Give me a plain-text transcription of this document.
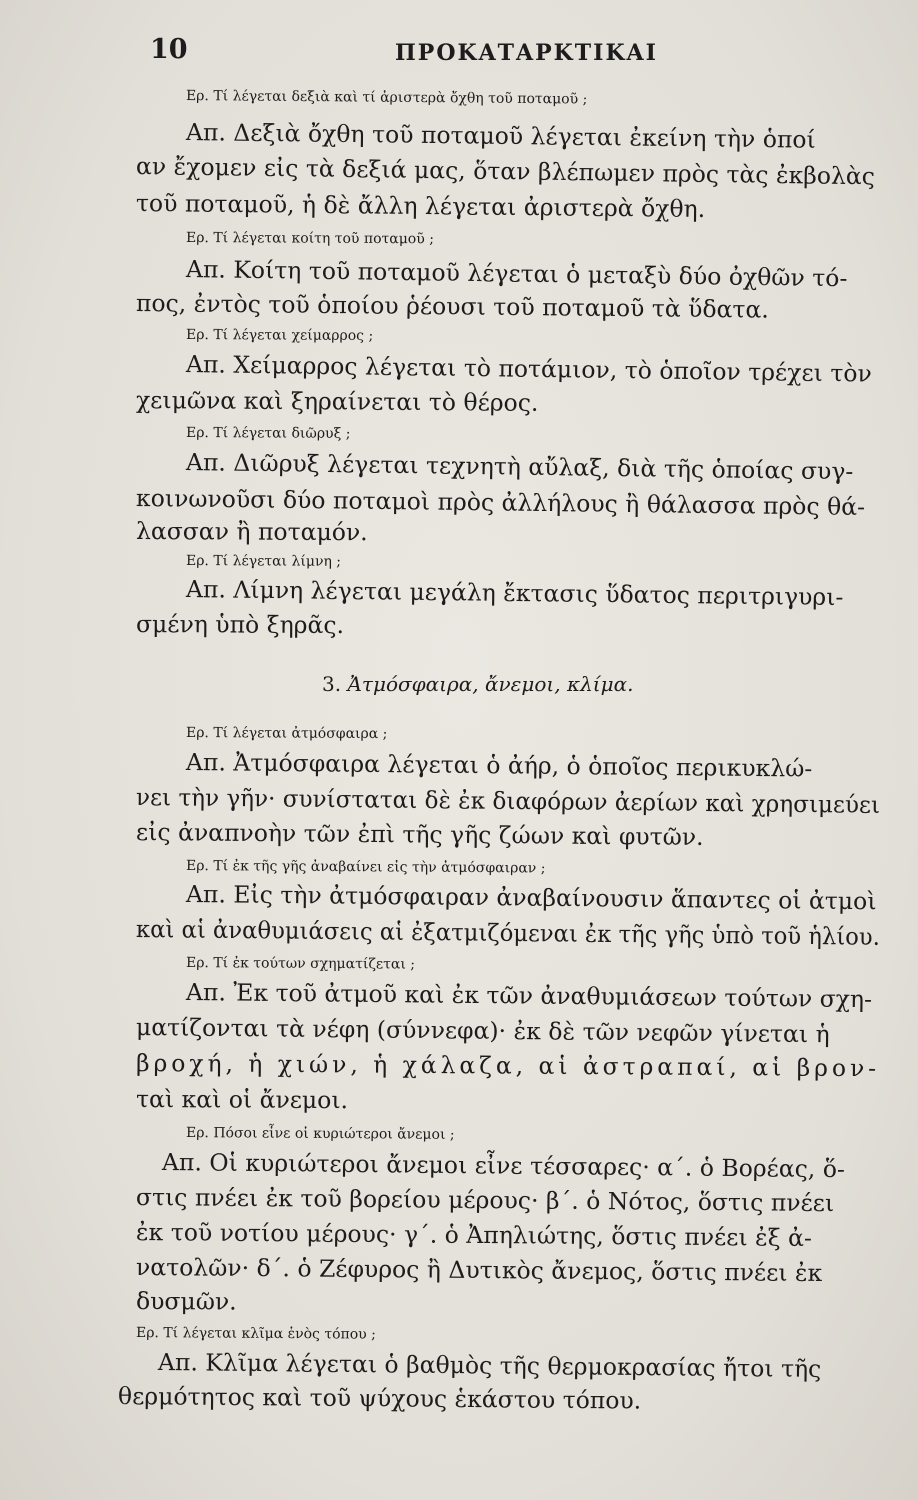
10	ΠΡΟΚΑΤΑΡΚΤΙΚΑΙ
Ερ. Τί λέγεται δεξιὰ καὶ τί ἀριστερὰ ὄχθη τοῦ ποταμοῦ ;
Απ. Δεξιὰ ὄχθη τοῦ ποταμοῦ λέγεται ἐκείνη τὴν ὁποί
αν ἔχομεν εἰς τὰ δεξιά μας, ὅταν βλέπωμεν πρὸς τὰς ἐκβολὰς
τοῦ ποταμοῦ, ἡ δὲ ἄλλη λέγεται ἀριστερὰ ὄχθη.
Ερ. Τί λέγεται κοίτη τοῦ ποταμοῦ ;
Απ. Κοίτη τοῦ ποταμοῦ λέγεται ὁ μεταξὺ δύο ὀχθῶν τό-
πος, ἐντὸς τοῦ ὁποίου ῥέουσι τοῦ ποταμοῦ τὰ ὕδατα.
Ερ. Τί λέγεται χείμαρρος ;
Απ. Χείμαρρος λέγεται τὸ ποτάμιον, τὸ ὁποῖον τρέχει τὸν
χειμῶνα καὶ ξηραίνεται τὸ θέρος.
Ερ. Τί λέγεται διῶρυξ ;
Απ. Διῶρυξ λέγεται τεχνητὴ αὔλαξ, διὰ τῆς ὁποίας συγ-
κοινωνοῦσι δύο ποταμοὶ πρὸς ἀλλήλους ἢ θάλασσα πρὸς θά-
λασσαν ἢ ποταμόν.
Ερ. Τί λέγεται λίμνη ;
Απ. Λίμνη λέγεται μεγάλη ἔκτασις ὕδατος περιτριγυρι-
σμένη ὑπὸ ξηρᾶς.
3. Ἀτμόσφαιρα, ἄνεμοι, κλίμα.
Ερ. Τί λέγεται ἀτμόσφαιρα ;
Απ. Ἀτμόσφαιρα λέγεται ὁ ἀήρ, ὁ ὁποῖος περικυκλώ-
νει τὴν γῆν· συνίσταται δὲ ἐκ διαφόρων ἀερίων καὶ χρησιμεύει
εἰς ἀναπνοὴν τῶν ἐπὶ τῆς γῆς ζώων καὶ φυτῶν.
Ερ. Τί ἐκ τῆς γῆς ἀναβαίνει εἰς τὴν ἀτμόσφαιραν ;
Απ. Εἰς τὴν ἀτμόσφαιραν ἀναβαίνουσιν ἅπαντες οἱ ἀτμοὶ
καὶ αἱ ἀναθυμιάσεις αἱ ἐξατμιζόμεναι ἐκ τῆς γῆς ὑπὸ τοῦ ἡλίου.
Ερ. Τί ἐκ τούτων σχηματίζεται ;
Απ. Ἐκ τοῦ ἀτμοῦ καὶ ἐκ τῶν ἀναθυμιάσεων τούτων σχη-
ματίζονται τὰ νέφη (σύννεφα)· ἐκ δὲ τῶν νεφῶν γίνεται ἡ
βροχή, ἡ χιών, ἡ χάλαζα, αἱ ἀστραπαί, αἱ βρον-
ταὶ καὶ οἱ ἄνεμοι.
Ερ. Πόσοι εἶνε οἱ κυριώτεροι ἄνεμοι ;
Απ. Οἱ κυριώτεροι ἄνεμοι εἶνε τέσσαρες· α΄. ὁ Βορέας, ὅ-
στις πνέει ἐκ τοῦ βορείου μέρους· β΄. ὁ Νότος, ὅστις πνέει
ἐκ τοῦ νοτίου μέρους· γ΄. ὁ Ἀπηλιώτης, ὅστις πνέει ἐξ ἀ-
νατολῶν· δ΄. ὁ Ζέφυρος ἢ Δυτικὸς ἄνεμος, ὅστις πνέει ἐκ
δυσμῶν.
Ερ. Τί λέγεται κλῖμα ἑνὸς τόπου ;
Απ. Κλῖμα λέγεται ὁ βαθμὸς τῆς θερμοκρασίας ἤτοι τῆς
θερμότητος καὶ τοῦ ψύχους ἑκάστου τόπου.
